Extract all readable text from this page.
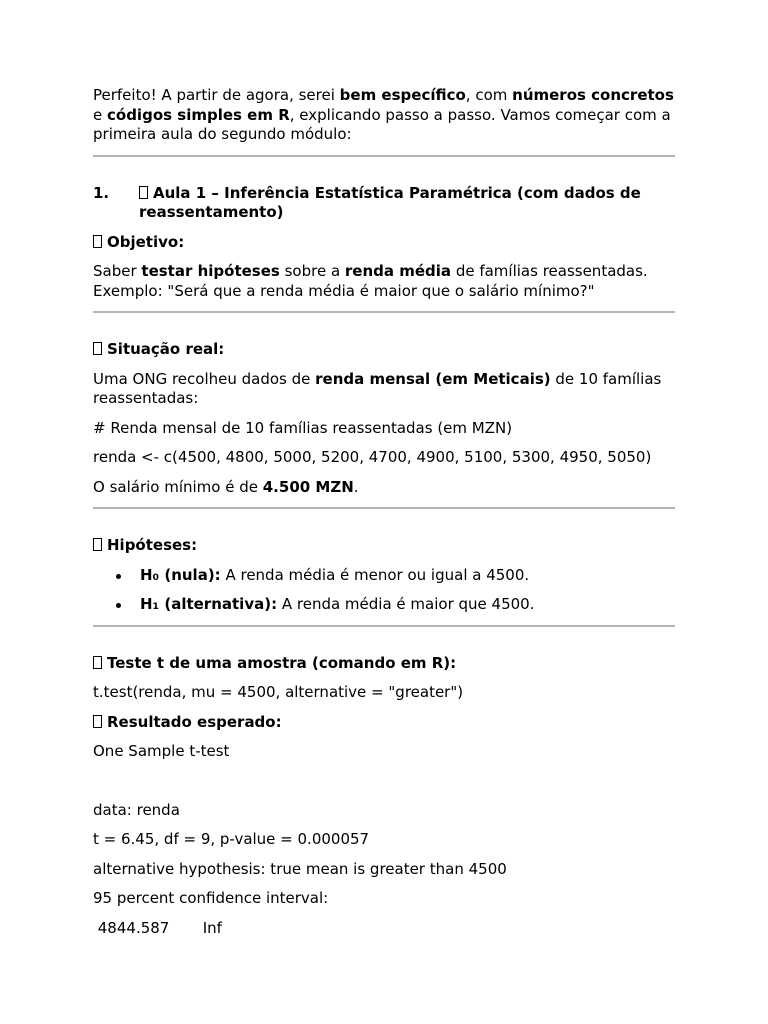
Perfeito! A partir de agora, serei bem específico, com números concretos e códigos simples em R, explicando passo a passo. Vamos começar com a primeira aula do segundo módulo:

1.	Aula 1 – Inferência Estatística Paramétrica (com dados de reassentamento)

Objetivo:

Saber testar hipóteses sobre a renda média de famílias reassentadas.
Exemplo: "Será que a renda média é maior que o salário mínimo?"

Situação real:

Uma ONG recolheu dados de renda mensal (em Meticais) de 10 famílias reassentadas:

# Renda mensal de 10 famílias reassentadas (em MZN)

renda <- c(4500, 4800, 5000, 5200, 4700, 4900, 5100, 5300, 4950, 5050)

O salário mínimo é de 4.500 MZN.

Hipóteses:

H₀ (nula): A renda média é menor ou igual a 4500.
H₁ (alternativa): A renda média é maior que 4500.

Teste t de uma amostra (comando em R):

t.test(renda, mu = 4500, alternative = "greater")

Resultado esperado:

One Sample t-test

data: renda

t = 6.45, df = 9, p-value = 0.000057

alternative hypothesis: true mean is greater than 4500

95 percent confidence interval:

4844.587       Inf
